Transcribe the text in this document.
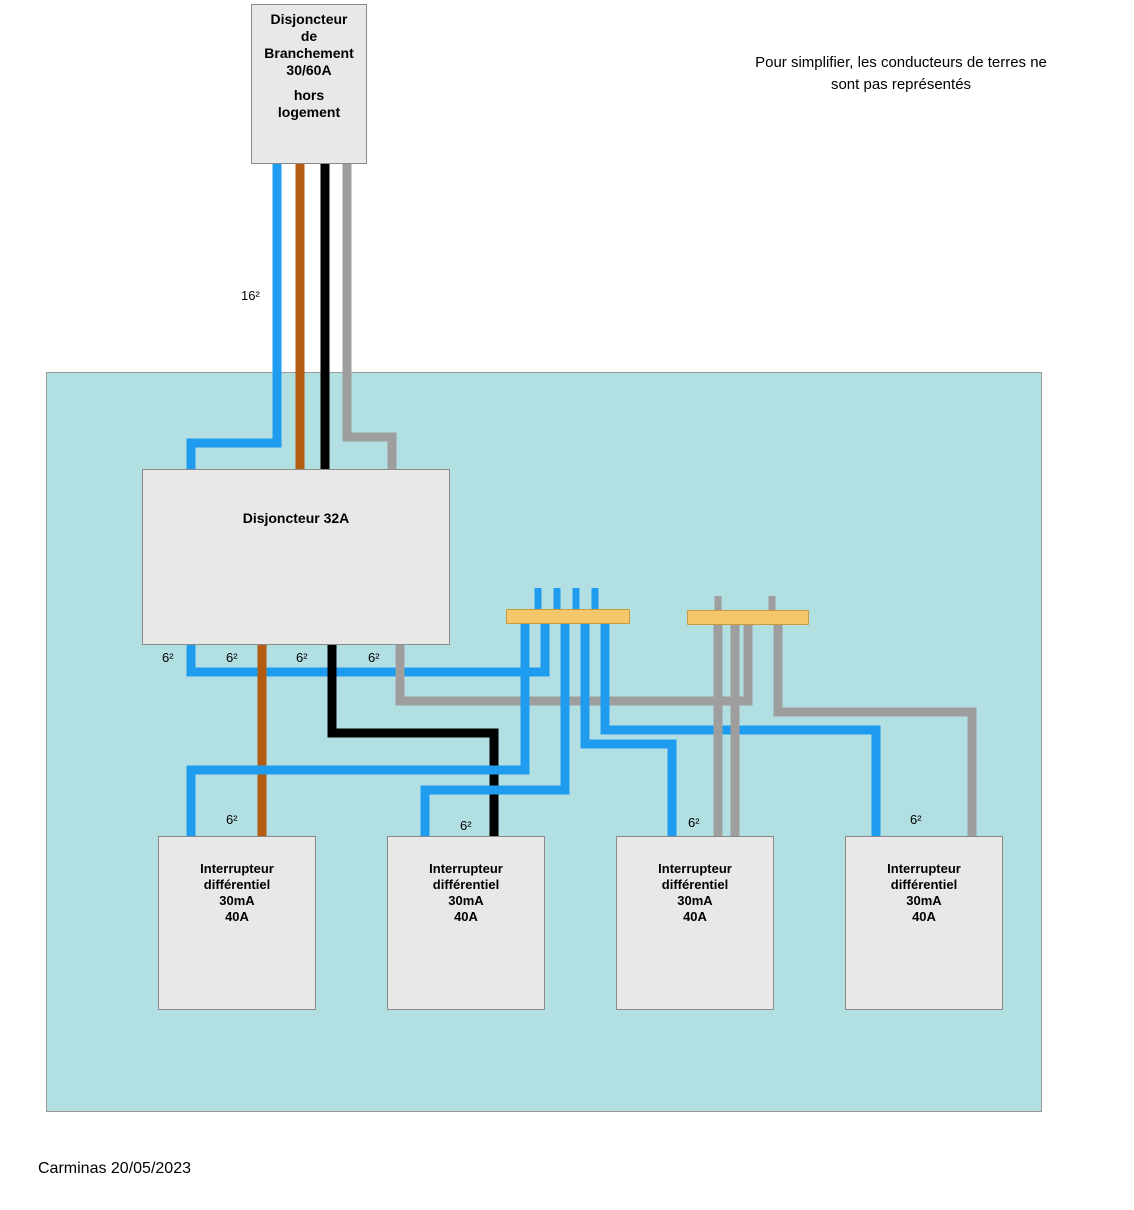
Disjoncteur
de
Branchement
30/60A
hors
logement
Disjoncteur 32A
Interrupteur
différentiel
30mA
40A
Interrupteur
différentiel
30mA
40A
Interrupteur
différentiel
30mA
40A
Interrupteur
différentiel
30mA
40A
16²
6²	6²	6²	6²
6²	6²	6²	6²
Pour simplifier, les conducteurs de terres ne sont pas représentés
Carminas 20/05/2023
